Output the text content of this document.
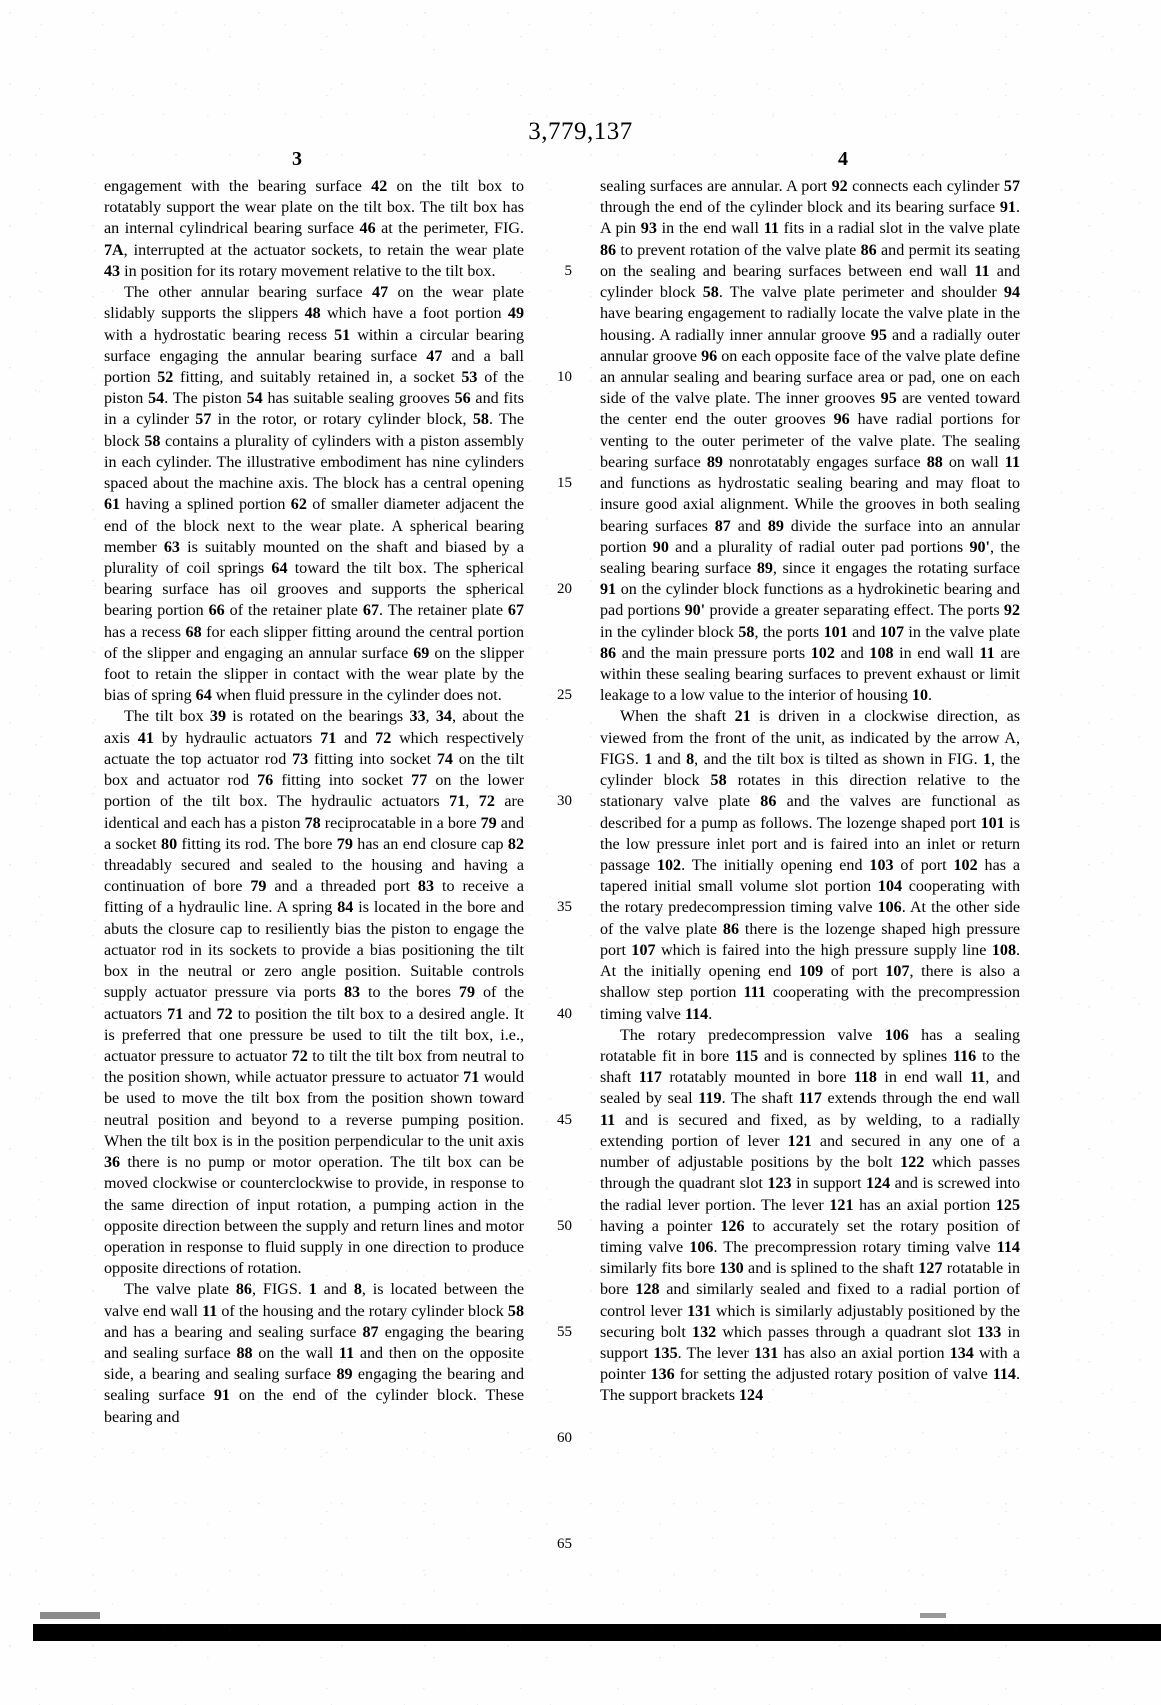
3,779,137
3	4

engagement with the bearing surface 42 on the tilt box to rotatably support the wear plate on the tilt box. The tilt box has an internal cylindrical bearing surface 46 at the perimeter, FIG. 7A, interrupted at the actuator sockets, to retain the wear plate 43 in position for its rotary movement relative to the tilt box.

The other annular bearing surface 47 on the wear plate slidably supports the slippers 48 which have a foot portion 49 with a hydrostatic bearing recess 51 within a circular bearing surface engaging the annular bearing surface 47 and a ball portion 52 fitting, and suitably retained in, a socket 53 of the piston 54. The piston 54 has suitable sealing grooves 56 and fits in a cylinder 57 in the rotor, or rotary cylinder block, 58. The block 58 contains a plurality of cylinders with a piston assembly in each cylinder. The illustrative embodiment has nine cylinders spaced about the machine axis. The block has a central opening 61 having a splined portion 62 of smaller diameter adjacent the end of the block next to the wear plate. A spherical bearing member 63 is suitably mounted on the shaft and biased by a plurality of coil springs 64 toward the tilt box. The spherical bearing surface has oil grooves and supports the spherical bearing portion 66 of the retainer plate 67. The retainer plate 67 has a recess 68 for each slipper fitting around the central portion of the slipper and engaging an annular surface 69 on the slipper foot to retain the slipper in contact with the wear plate by the bias of spring 64 when fluid pressure in the cylinder does not.

The tilt box 39 is rotated on the bearings 33, 34, about the axis 41 by hydraulic actuators 71 and 72 which respectively actuate the top actuator rod 73 fitting into socket 74 on the tilt box and actuator rod 76 fitting into socket 77 on the lower portion of the tilt box. The hydraulic actuators 71, 72 are identical and each has a piston 78 reciprocatable in a bore 79 and a socket 80 fitting its rod. The bore 79 has an end closure cap 82 threadably secured and sealed to the housing and having a continuation of bore 79 and a threaded port 83 to receive a fitting of a hydraulic line. A spring 84 is located in the bore and abuts the closure cap to resiliently bias the piston to engage the actuator rod in its sockets to provide a bias positioning the tilt box in the neutral or zero angle position. Suitable controls supply actuator pressure via ports 83 to the bores 79 of the actuators 71 and 72 to position the tilt box to a desired angle. It is preferred that one pressure be used to tilt the tilt box, i.e., actuator pressure to actuator 72 to tilt the tilt box from neutral to the position shown, while actuator pressure to actuator 71 would be used to move the tilt box from the position shown toward neutral position and beyond to a reverse pumping position. When the tilt box is in the position perpendicular to the unit axis 36 there is no pump or motor operation. The tilt box can be moved clockwise or counterclockwise to provide, in response to the same direction of input rotation, a pumping action in the opposite direction between the supply and return lines and motor operation in response to fluid supply in one direction to produce opposite directions of rotation.

The valve plate 86, FIGS. 1 and 8, is located between the valve end wall 11 of the housing and the rotary cylinder block 58 and has a bearing and sealing surface 87 engaging the bearing and sealing surface 88 on the wall 11 and then on the opposite side, a bearing and sealing surface 89 engaging the bearing and sealing surface 91 on the end of the cylinder block. These bearing and

5
10
15
20
25
30
35
40
45
50
55
60
65

sealing surfaces are annular. A port 92 connects each cylinder 57 through the end of the cylinder block and its bearing surface 91. A pin 93 in the end wall 11 fits in a radial slot in the valve plate 86 to prevent rotation of the valve plate 86 and permit its seating on the sealing and bearing surfaces between end wall 11 and cylinder block 58. The valve plate perimeter and shoulder 94 have bearing engagement to radially locate the valve plate in the housing. A radially inner annular groove 95 and a radially outer annular groove 96 on each opposite face of the valve plate define an annular sealing and bearing surface area or pad, one on each side of the valve plate. The inner grooves 95 are vented toward the center end the outer grooves 96 have radial portions for venting to the outer perimeter of the valve plate. The sealing bearing surface 89 nonrotatably engages surface 88 on wall 11 and functions as hydrostatic sealing bearing and may float to insure good axial alignment. While the grooves in both sealing bearing surfaces 87 and 89 divide the surface into an annular portion 90 and a plurality of radial outer pad portions 90', the sealing bearing surface 89, since it engages the rotating surface 91 on the cylinder block functions as a hydrokinetic bearing and pad portions 90' provide a greater separating effect. The ports 92 in the cylinder block 58, the ports 101 and 107 in the valve plate 86 and the main pressure ports 102 and 108 in end wall 11 are within these sealing bearing surfaces to prevent exhaust or limit leakage to a low value to the interior of housing 10.

When the shaft 21 is driven in a clockwise direction, as viewed from the front of the unit, as indicated by the arrow A, FIGS. 1 and 8, and the tilt box is tilted as shown in FIG. 1, the cylinder block 58 rotates in this direction relative to the stationary valve plate 86 and the valves are functional as described for a pump as follows. The lozenge shaped port 101 is the low pressure inlet port and is faired into an inlet or return passage 102. The initially opening end 103 of port 102 has a tapered initial small volume slot portion 104 cooperating with the rotary predecompression timing valve 106. At the other side of the valve plate 86 there is the lozenge shaped high pressure port 107 which is faired into the high pressure supply line 108. At the initially opening end 109 of port 107, there is also a shallow step portion 111 cooperating with the precompression timing valve 114.

The rotary predecompression valve 106 has a sealing rotatable fit in bore 115 and is connected by splines 116 to the shaft 117 rotatably mounted in bore 118 in end wall 11, and sealed by seal 119. The shaft 117 extends through the end wall 11 and is secured and fixed, as by welding, to a radially extending portion of lever 121 and secured in any one of a number of adjustable positions by the bolt 122 which passes through the quadrant slot 123 in support 124 and is screwed into the radial lever portion. The lever 121 has an axial portion 125 having a pointer 126 to accurately set the rotary position of timing valve 106. The precompression rotary timing valve 114 similarly fits bore 130 and is splined to the shaft 127 rotatable in bore 128 and similarly sealed and fixed to a radial portion of control lever 131 which is similarly adjustably positioned by the securing bolt 132 which passes through a quadrant slot 133 in support 135. The lever 131 has also an axial portion 134 with a pointer 136 for setting the adjusted rotary position of valve 114. The support brackets 124
